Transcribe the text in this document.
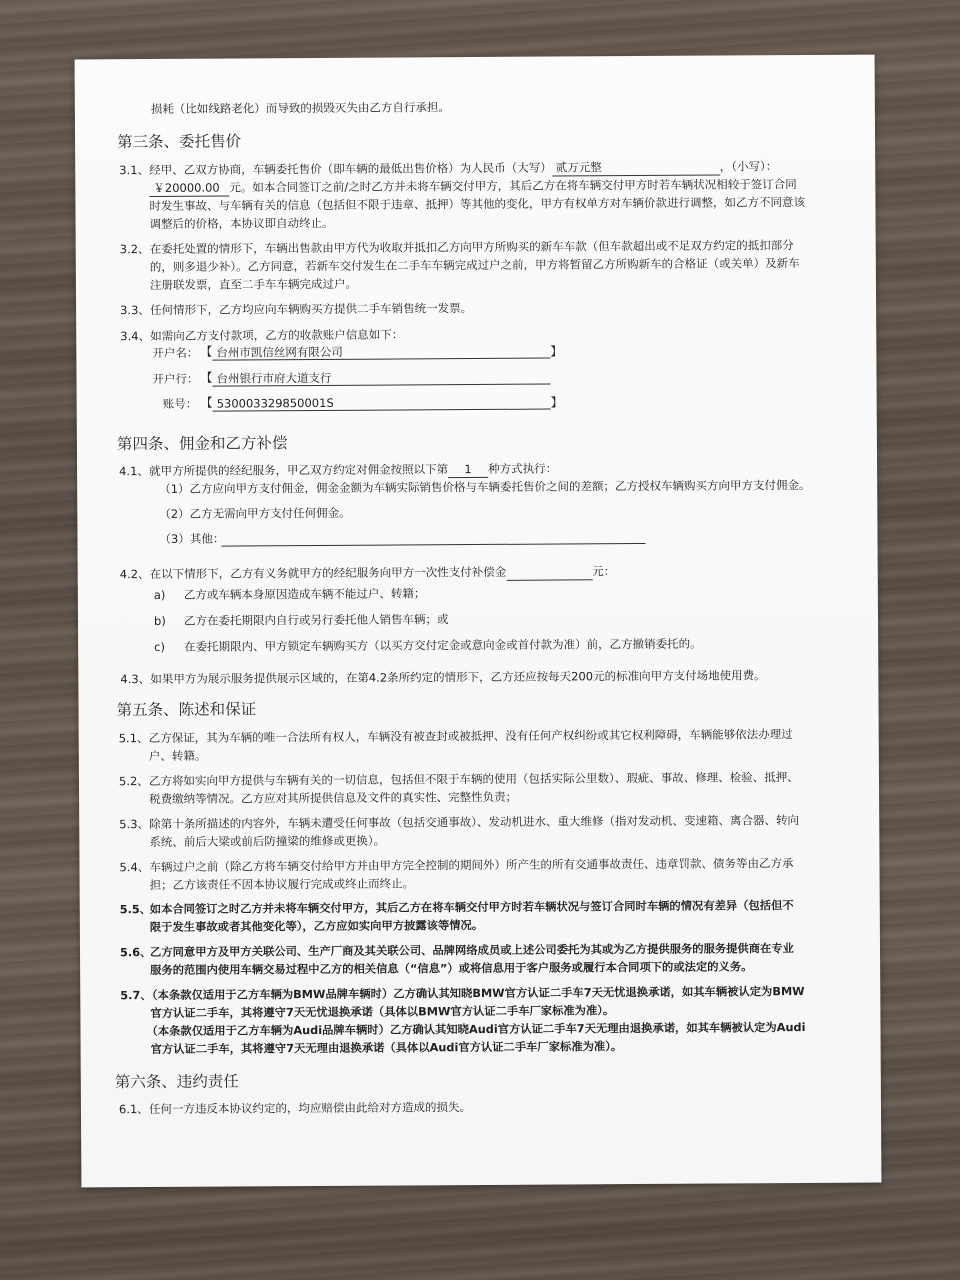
损耗（比如线路老化）而导致的损毁灭失由乙方自行承担。
第三条、委托售价
3.1、 经甲、乙双方协商，车辆委托售价（即车辆的最低出售价格）为人民币（大写） 贰万元整	，（小写）：
￥20000.00 元。如本合同签订之前/之时乙方并未将车辆交付甲方，其后乙方在将车辆交付甲方时若车辆状况相较于签订合同
时发生事故、与车辆有关的信息（包括但不限于违章、抵押）等其他的变化，甲方有权单方对车辆价款进行调整，如乙方不同意该
调整后的价格，本协议即自动终止。
3.2、 在委托处置的情形下，车辆出售款由甲方代为收取并抵扣乙方向甲方所购买的新车车款（但车款超出或不足双方约定的抵扣部分
的，则多退少补）。乙方同意，若新车交付发生在二手车车辆完成过户之前，甲方将暂留乙方所购新车的合格证（或关单）及新车
注册联发票，直至二手车车辆完成过户。
3.3、 任何情形下，乙方均应向车辆购买方提供二手车销售统一发票。
3.4、 如需向乙方支付款项，乙方的收款账户信息如下：
开户名： 【 台州市凯信丝网有限公司	】
开户行： 【 台州银行市府大道支行
账号： 【 530003329850001S	】
第四条、佣金和乙方补偿
4.1、 就甲方所提供的经纪服务，甲乙双方约定对佣金按照以下第 1 种方式执行：
（1）乙方应向甲方支付佣金，佣金金额为车辆实际销售价格与车辆委托售价之间的差额；乙方授权车辆购买方向甲方支付佣金。
（2）乙方无需向甲方支付任何佣金。
（3）其他：
4.2、 在以下情形下，乙方有义务就甲方的经纪服务向甲方一次性支付补偿金	元：
a) 乙方或车辆本身原因造成车辆不能过户、转籍；
b) 乙方在委托期限内自行或另行委托他人销售车辆；或
c) 在委托期限内、甲方锁定车辆购买方（以买方交付定金或意向金或首付款为准）前，乙方撤销委托的。
4.3、 如果甲方为展示服务提供展示区域的，在第4.2条所约定的情形下，乙方还应按每天200元的标准向甲方支付场地使用费。
第五条、陈述和保证
5.1、 乙方保证，其为车辆的唯一合法所有权人，车辆没有被查封或被抵押、没有任何产权纠纷或其它权利障碍，车辆能够依法办理过
户、转籍。
5.2、 乙方将如实向甲方提供与车辆有关的一切信息，包括但不限于车辆的使用（包括实际公里数）、瑕疵、事故、修理、检验、抵押、
税费缴纳等情况。乙方应对其所提供信息及文件的真实性、完整性负责；
5.3、 除第十条所描述的内容外，车辆未遭受任何事故（包括交通事故）、发动机进水、重大维修（指对发动机、变速箱、离合器、转向
系统、前后大梁或前后防撞梁的维修或更换）。
5.4、 车辆过户之前（除乙方将车辆交付给甲方并由甲方完全控制的期间外）所产生的所有交通事故责任、违章罚款、债务等由乙方承
担；乙方该责任不因本协议履行完成或终止而终止。
5.5、
如本合同签订之时乙方并未将车辆交付甲方，其后乙方在将车辆交付甲方时若车辆状况与签订合同时车辆的情况有差异（包括但不
限于发生事故或者其他变化等），乙方应如实向甲方披露该等情况。
5.6、
乙方同意甲方及甲方关联公司、生产厂商及其关联公司、品牌网络成员或上述公司委托为其或为乙方提供服务的服务提供商在专业
服务的范围内使用车辆交易过程中乙方的相关信息（“信息”）或将信息用于客户服务或履行本合同项下的或法定的义务。
5.7、
（本条款仅适用于乙方车辆为BMW品牌车辆时）乙方确认其知晓BMW官方认证二手车7天无忧退换承诺，如其车辆被认定为BMW
官方认证二手车，其将遵守7天无忧退换承诺（具体以BMW官方认证二手车厂家标准为准）。
（本条款仅适用于乙方车辆为Audi品牌车辆时）乙方确认其知晓Audi官方认证二手车7天无理由退换承诺，如其车辆被认定为Audi
官方认证二手车，其将遵守7天无理由退换承诺（具体以Audi官方认证二手车厂家标准为准）。
第六条、违约责任
6.1、 任何一方违反本协议约定的，均应赔偿由此给对方造成的损失。
